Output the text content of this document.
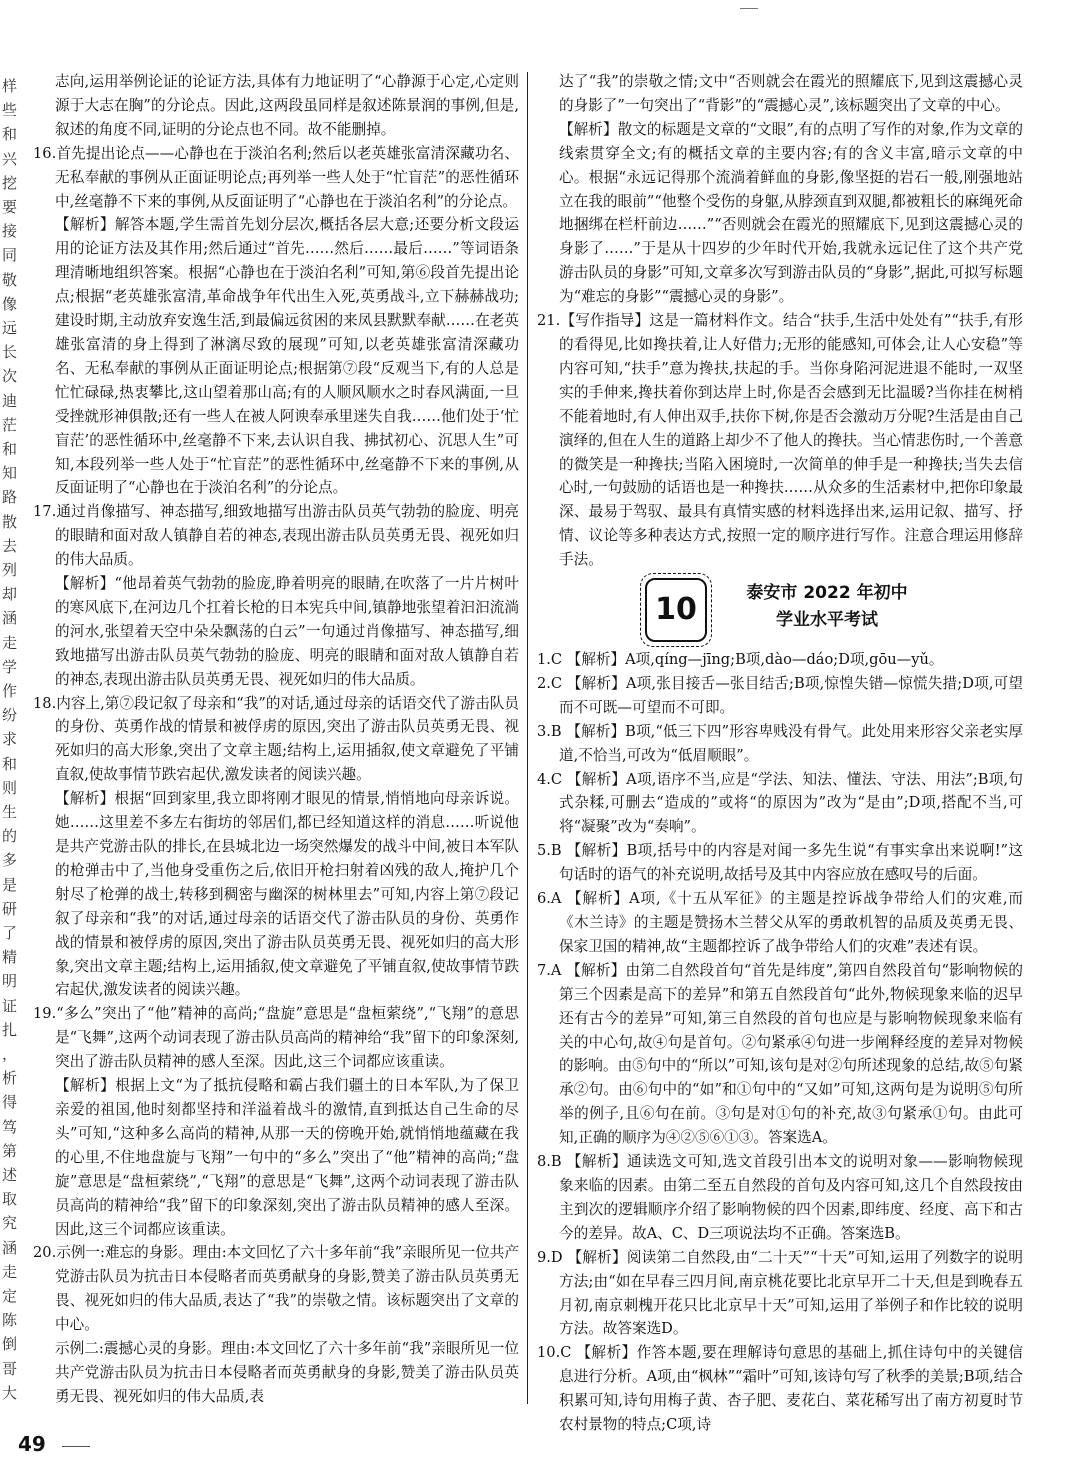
样
些
和
兴
挖
要
接
同
敬
像
远
长
次
迪
茫
和
知
路
散
去
列
却
涵
走
学
作
纷
求
和
则
生
的
多
是
研
了
精
明
证
扎
，
析
得
笃
第
述
取
究
涵
走
定
陈
倒
哥
大
志向,运用举例论证的论证方法,具体有力地证明了“心静源于心定,心定则源于大志在胸”的分论点。因此,这两段虽同样是叙述陈景润的事例,但是,叙述的角度不同,证明的分论点也不同。故不能删掉。
16.首先提出论点——心静也在于淡泊名利;然后以老英雄张富清深藏功名、无私奉献的事例从正面证明论点;再列举一些人处于“忙盲茫”的恶性循环中,丝毫静不下来的事例,从反面证明了“心静也在于淡泊名利”的分论点。
【解析】解答本题,学生需首先划分层次,概括各层大意;还要分析文段运用的论证方法及其作用;然后通过“首先……然后……最后……”等词语条理清晰地组织答案。根据“心静也在于淡泊名利”可知,第⑥段首先提出论点;根据“老英雄张富清,革命战争年代出生入死,英勇战斗,立下赫赫战功;建设时期,主动放弃安逸生活,到最偏远贫困的来凤县默默奉献……在老英雄张富清的身上得到了淋漓尽致的展现”可知,以老英雄张富清深藏功名、无私奉献的事例从正面证明论点;根据第⑦段“反观当下,有的人总是忙忙碌碌,热衷攀比,这山望着那山高;有的人顺风顺水之时春风满面,一旦受挫就形神俱散;还有一些人在被人阿谀奉承里迷失自我……他们处于‘忙盲茫’的恶性循环中,丝毫静不下来,去认识自我、拂拭初心、沉思人生”可知,本段列举一些人处于“忙盲茫”的恶性循环中,丝毫静不下来的事例,从反面证明了“心静也在于淡泊名利”的分论点。
17.通过肖像描写、神态描写,细致地描写出游击队员英气勃勃的脸庞、明亮的眼睛和面对敌人镇静自若的神态,表现出游击队员英勇无畏、视死如归的伟大品质。
【解析】“他昂着英气勃勃的脸庞,睁着明亮的眼睛,在吹落了一片片树叶的寒风底下,在河边几个扛着长枪的日本宪兵中间,镇静地张望着汩汩流淌的河水,张望着天空中朵朵飘荡的白云”一句通过肖像描写、神态描写,细致地描写出游击队员英气勃勃的脸庞、明亮的眼睛和面对敌人镇静自若的神态,表现出游击队员英勇无畏、视死如归的伟大品质。
18.内容上,第⑦段记叙了母亲和“我”的对话,通过母亲的话语交代了游击队员的身份、英勇作战的情景和被俘虏的原因,突出了游击队员英勇无畏、视死如归的高大形象,突出了文章主题;结构上,运用插叙,使文章避免了平铺直叙,使故事情节跌宕起伏,激发读者的阅读兴趣。
【解析】根据“回到家里,我立即将刚才眼见的情景,悄悄地向母亲诉说。她……这里差不多左右街坊的邻居们,都已经知道这样的消息……听说他是共产党游击队的排长,在县城北边一场突然爆发的战斗中间,被日本军队的枪弹击中了,当他身受重伤之后,依旧开枪扫射着凶残的敌人,掩护几个射尽了枪弹的战士,转移到稠密与幽深的树林里去”可知,内容上第⑦段记叙了母亲和“我”的对话,通过母亲的话语交代了游击队员的身份、英勇作战的情景和被俘虏的原因,突出了游击队员英勇无畏、视死如归的高大形象,突出文章主题;结构上,运用插叙,使文章避免了平铺直叙,使故事情节跌宕起伏,激发读者的阅读兴趣。
19.“多么”突出了“他”精神的高尚;“盘旋”意思是“盘桓萦绕”,“飞翔”的意思是“飞舞”,这两个动词表现了游击队员高尚的精神给“我”留下的印象深刻,突出了游击队员精神的感人至深。因此,这三个词都应该重读。
【解析】根据上文“为了抵抗侵略和霸占我们疆土的日本军队,为了保卫亲爱的祖国,他时刻都坚持和洋溢着战斗的激情,直到抵达自己生命的尽头”可知,“这种多么高尚的精神,从那一天的傍晚开始,就悄悄地蕴藏在我的心里,不住地盘旋与飞翔”一句中的“多么”突出了“他”精神的高尚;“盘旋”意思是“盘桓萦绕”,“飞翔”的意思是“飞舞”,这两个动词表现了游击队员高尚的精神给“我”留下的印象深刻,突出了游击队员精神的感人至深。因此,这三个词都应该重读。
20.示例一:难忘的身影。理由:本文回忆了六十多年前“我”亲眼所见一位共产党游击队员为抗击日本侵略者而英勇献身的身影,赞美了游击队员英勇无畏、视死如归的伟大品质,表达了“我”的崇敬之情。该标题突出了文章的中心。
示例二:震撼心灵的身影。理由:本文回忆了六十多年前“我”亲眼所见一位共产党游击队员为抗击日本侵略者而英勇献身的身影,赞美了游击队员英勇无畏、视死如归的伟大品质,表
达了“我”的崇敬之情;文中“否则就会在霞光的照耀底下,见到这震撼心灵的身影了”一句突出了“背影”的“震撼心灵”,该标题突出了文章的中心。
【解析】散文的标题是文章的“文眼”,有的点明了写作的对象,作为文章的线索贯穿全文;有的概括文章的主要内容;有的含义丰富,暗示文章的中心。根据“永远记得那个流淌着鲜血的身影,像坚挺的岩石一般,刚强地站立在我的眼前”“他整个受伤的身躯,从脖颈直到双腿,都被粗长的麻绳死命地捆绑在栏杆前边……”“否则就会在霞光的照耀底下,见到这震撼心灵的身影了……”于是从十四岁的少年时代开始,我就永远记住了这个共产党游击队员的身影”可知,文章多次写到游击队员的“身影”,据此,可拟写标题为“难忘的身影”“震撼心灵的身影”。
21.【写作指导】这是一篇材料作文。结合“扶手,生活中处处有”“扶手,有形的看得见,比如搀扶着,让人好借力;无形的能感知,可体会,让人心安稳”等内容可知,“扶手”意为搀扶,扶起的手。当你身陷河泥进退不能时,一双坚实的手伸来,搀扶着你到达岸上时,你是否会感到无比温暖?当你挂在树梢不能着地时,有人伸出双手,扶你下树,你是否会激动万分呢?生活是由自己演绎的,但在人生的道路上却少不了他人的搀扶。当心情悲伤时,一个善意的微笑是一种搀扶;当陷入困境时,一次简单的伸手是一种搀扶;当失去信心时,一句鼓励的话语也是一种搀扶……从众多的生活素材中,把你印象最深、最易于驾驭、最具有真情实感的材料选择出来,运用记叙、描写、抒情、议论等多种表达方式,按照一定的顺序进行写作。注意合理运用修辞手法。
10	泰安市 2022 年初中
学业水平考试
1.C 【解析】A项,qíng—jīng;B项,dào—dáo;D项,gōu—yǔ。
2.C 【解析】A项,张目接舌—张目结舌;B项,惊惶失错—惊慌失措;D项,可望而不可既—可望而不可即。
3.B 【解析】B项,“低三下四”形容卑贱没有骨气。此处用来形容父亲老实厚道,不恰当,可改为“低眉顺眼”。
4.C 【解析】A项,语序不当,应是“学法、知法、懂法、守法、用法”;B项,句式杂糅,可删去“造成的”或将“的原因为”改为“是由”;D项,搭配不当,可将“凝聚”改为“奏响”。
5.B 【解析】B项,括号中的内容是对闻一多先生说“有事实拿出来说啊!”这句话时的语气的补充说明,故括号及其中内容应放在感叹号的后面。
6.A 【解析】A项,《十五从军征》的主题是控诉战争带给人们的灾难,而《木兰诗》的主题是赞扬木兰替父从军的勇敢机智的品质及英勇无畏、保家卫国的精神,故“主题都控诉了战争带给人们的灾难”表述有误。
7.A 【解析】由第二自然段首句“首先是纬度”,第四自然段首句“影响物候的第三个因素是高下的差异”和第五自然段首句“此外,物候现象来临的迟早还有古今的差异”可知,第三自然段的首句也应是与影响物候现象来临有关的中心句,故④句是首句。②句紧承④句进一步阐释经度的差异对物候的影响。由⑤句中的“所以”可知,该句是对②句所述现象的总结,故⑤句紧承②句。由⑥句中的“如”和①句中的“又如”可知,这两句是为说明⑤句所举的例子,且⑥句在前。③句是对①句的补充,故③句紧承①句。由此可知,正确的顺序为④②⑤⑥①③。答案选A。
8.B 【解析】通读选文可知,选文首段引出本文的说明对象——影响物候现象来临的因素。由第二至五自然段的首句及内容可知,这几个自然段按由主到次的逻辑顺序介绍了影响物候的四个因素,即纬度、经度、高下和古今的差异。故A、C、D三项说法均不正确。答案选B。
9.D 【解析】阅读第二自然段,由“二十天”“十天”可知,运用了列数字的说明方法;由“如在早春三四月间,南京桃花要比北京早开二十天,但是到晚春五月初,南京刺槐开花只比北京早十天”可知,运用了举例子和作比较的说明方法。故答案选D。
10.C 【解析】作答本题,要在理解诗句意思的基础上,抓住诗句中的关键信息进行分析。A项,由“枫林”“霜叶”可知,该诗句写了秋季的美景;B项,结合积累可知,诗句用梅子黄、杏子肥、麦花白、菜花稀写出了南方初夏时节农村景物的特点;C项,诗
49
